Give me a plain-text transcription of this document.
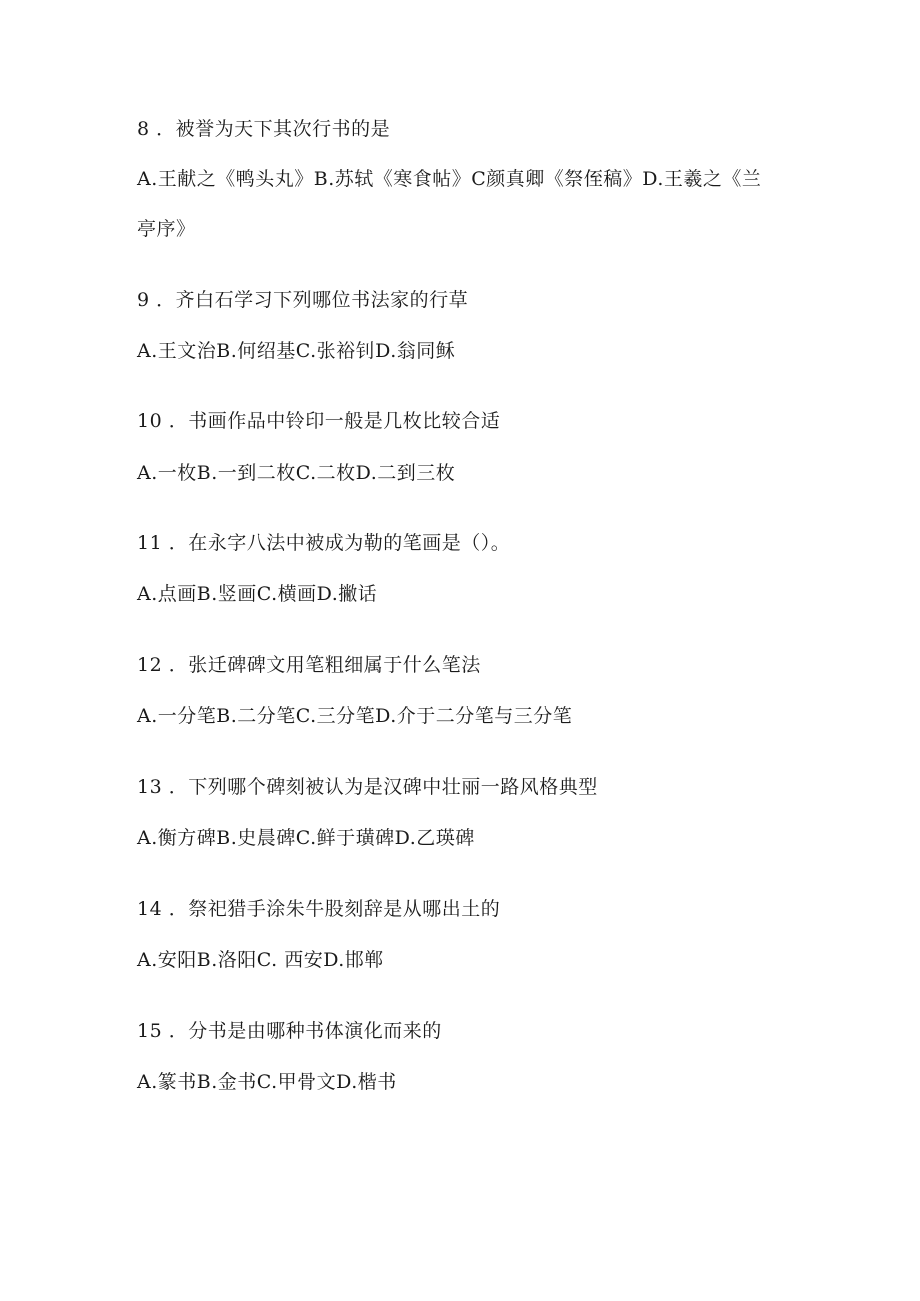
8 ．被誉为天下其次行书的是
A.王献之《鸭头丸》B.苏轼《寒食帖》C颜真卿《祭侄稿》D.王羲之《兰
亭序》
9 ．齐白石学习下列哪位书法家的行草
A.王文治B.何绍基C.张裕钊D.翁同稣
10 ．书画作品中铃印一般是几枚比较合适
A.一枚B.一到二枚C.二枚D.二到三枚
11 ．在永字八法中被成为勒的笔画是（）。
A.点画B.竖画C.横画D.撇话
12 ．张迁碑碑文用笔粗细属于什么笔法
A.一分笔B.二分笔C.三分笔D.介于二分笔与三分笔
13 ．下列哪个碑刻被认为是汉碑中壮丽一路风格典型
A.衡方碑B.史晨碑C.鲜于璜碑D.乙瑛碑
14 ．祭祀猎手涂朱牛股刻辞是从哪出土的
A.安阳B.洛阳C. 西安D.邯郸
15 ．分书是由哪种书体演化而来的
A.篆书B.金书C.甲骨文D.楷书
